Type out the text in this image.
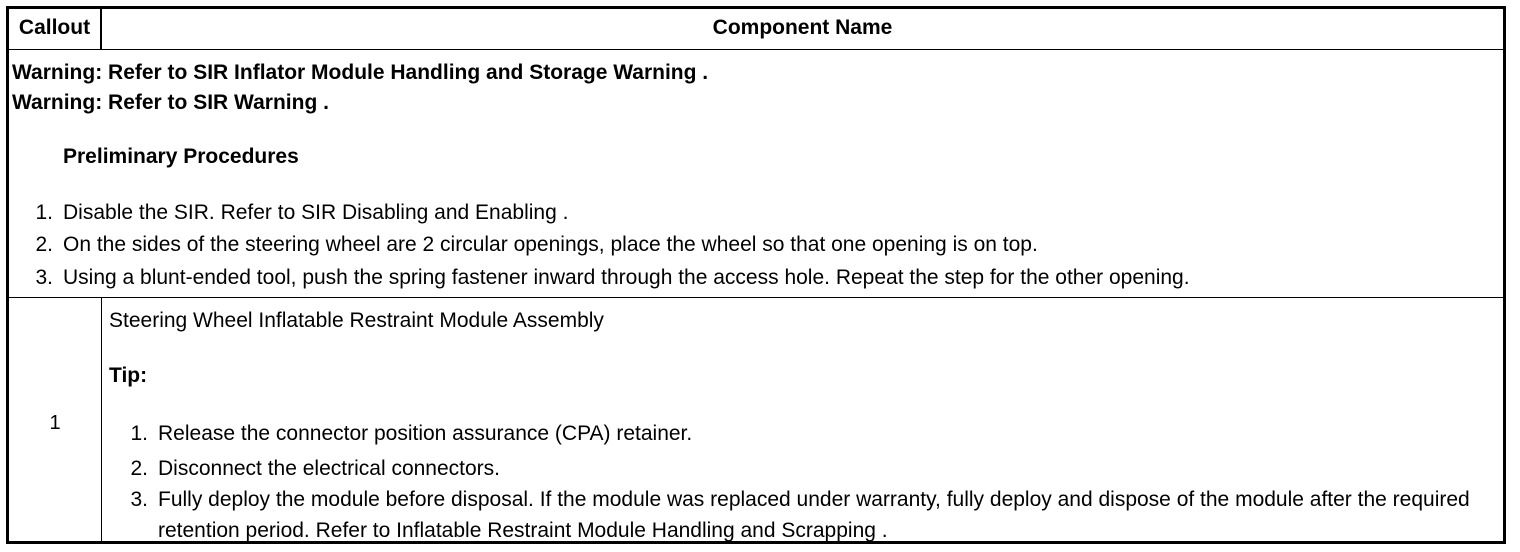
Callout	Component Name
Warning: Refer to SIR Inflator Module Handling and Storage Warning .
Warning: Refer to SIR Warning .
Preliminary Procedures
1. Disable the SIR. Refer to SIR Disabling and Enabling .
2. On the sides of the steering wheel are 2 circular openings, place the wheel so that one opening is on top.
3. Using a blunt-ended tool, push the spring fastener inward through the access hole. Repeat the step for the other opening.
1
Steering Wheel Inflatable Restraint Module Assembly
Tip:
1. Release the connector position assurance (CPA) retainer.
2. Disconnect the electrical connectors.
3. Fully deploy the module before disposal. If the module was replaced under warranty, fully deploy and dispose of the module after the required retention period. Refer to Inflatable Restraint Module Handling and Scrapping .
